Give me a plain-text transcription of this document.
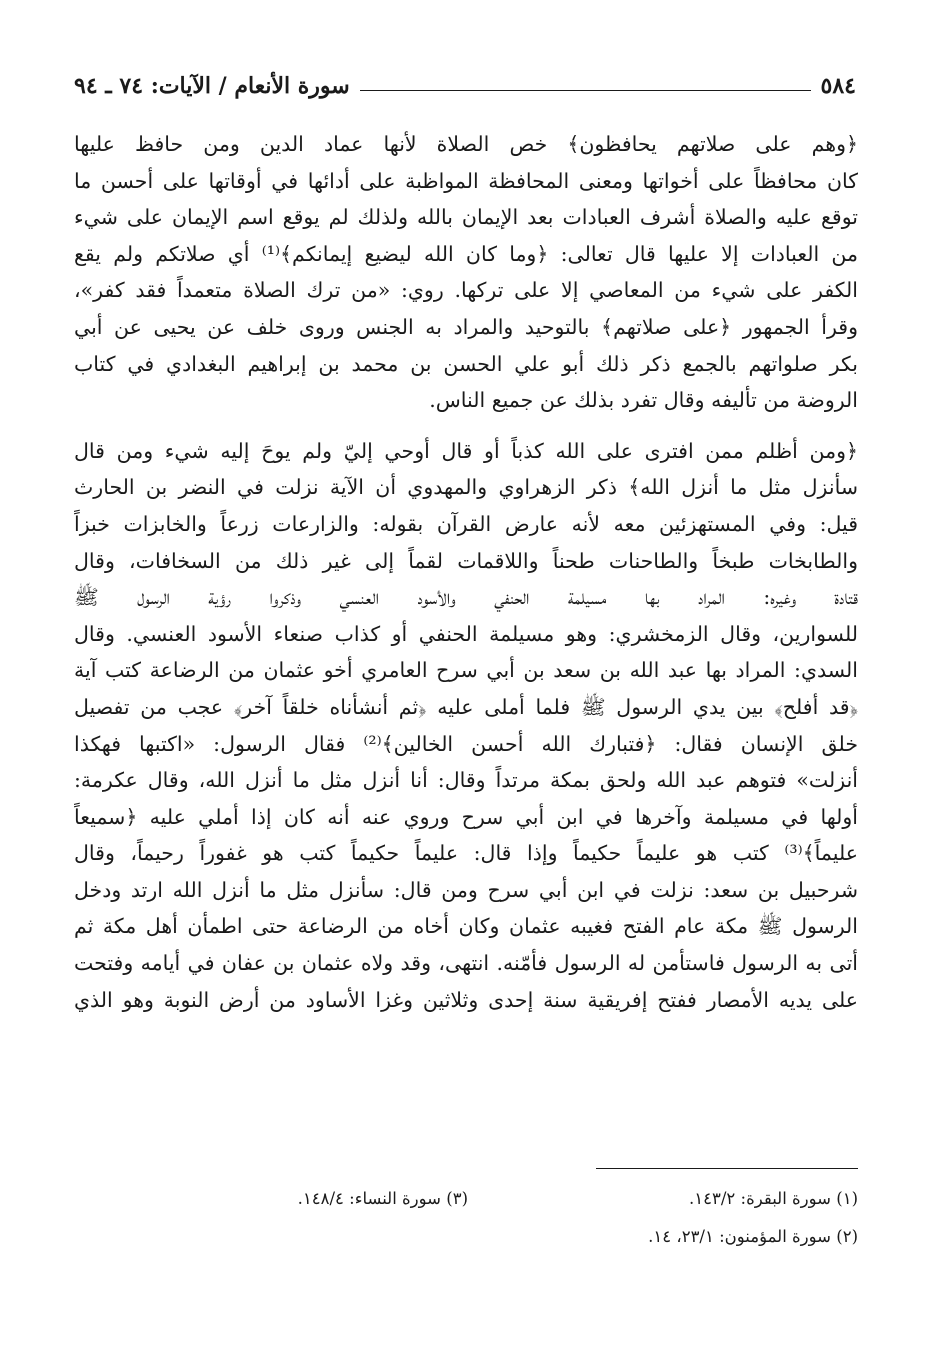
٥٨٤
سورة الأنعام / الآيات: ٧٤ ـ ٩٤
﴿وهم على صلاتهم يحافظون﴾ خص الصلاة لأنها عماد الدين ومن حافظ عليها
كان محافظاً على أخواتها ومعنى المحافظة المواظبة على أدائها في أوقاتها على أحسن ما
توقع عليه والصلاة أشرف العبادات بعد الإيمان بالله ولذلك لم يوقع اسم الإيمان على شيء
من العبادات إلا عليها قال تعالى: ﴿وما كان الله ليضيع إيمانكم﴾⁽¹⁾ أي صلاتكم ولم يقع
الكفر على شيء من المعاصي إلا على تركها. روي: «من ترك الصلاة متعمداً فقد كفر»،
وقرأ الجمهور ﴿على صلاتهم﴾ بالتوحيد والمراد به الجنس وروى خلف عن يحيى عن أبي
بكر صلواتهم بالجمع ذكر ذلك أبو علي الحسن بن محمد بن إبراهيم البغدادي في كتاب
الروضة من تأليفه وقال تفرد بذلك عن جميع الناس.
﴿ومن أظلم ممن افترى على الله كذباً أو قال أوحي إليّ ولم يوحَ إليه شيء ومن قال
سأنزل مثل ما أنزل الله﴾ ذكر الزهراوي والمهدوي أن الآية نزلت في النضر بن الحارث
قيل: وفي المستهزئين معه لأنه عارض القرآن بقوله: والزارعات زرعاً والخابزات خبزاً
والطابخات طبخاً والطاحنات طحناً واللاقمات لقماً إلى غير ذلك من السخافات، وقال
قتادة وغيره: المراد بها مسيلمة الحنفي والأسود العنسي وذكروا رؤية الرسول ﷺ
للسوارين، وقال الزمخشري: وهو مسيلمة الحنفي أو كذاب صنعاء الأسود العنسي. وقال
السدي: المراد بها عبد الله بن سعد بن أبي سرح العامري أخو عثمان من الرضاعة كتب آية
﴿قد أفلح﴾ بين يدي الرسول ﷺ فلما أملى عليه ﴿ثم أنشأناه خلقاً آخر﴾ عجب من تفصيل
خلق الإنسان فقال: ﴿فتبارك الله أحسن الخالين﴾⁽²⁾ فقال الرسول: «اكتبها فهكذا
أنزلت» فتوهم عبد الله ولحق بمكة مرتداً وقال: أنا أنزل مثل ما أنزل الله، وقال عكرمة:
أولها في مسيلمة وآخرها في ابن أبي سرح وروي عنه أنه كان إذا أملي عليه ﴿سميعاً
عليماً﴾⁽³⁾ كتب هو عليماً حكيماً وإذا قال: عليماً حكيماً كتب هو غفوراً رحيماً، وقال
شرحبيل بن سعد: نزلت في ابن أبي سرح ومن قال: سأنزل مثل ما أنزل الله ارتد ودخل
الرسول ﷺ مكة عام الفتح فغيبه عثمان وكان أخاه من الرضاعة حتى اطمأن أهل مكة ثم
أتى به الرسول فاستأمن له الرسول فأمّنه. انتهى، وقد ولاه عثمان بن عفان في أيامه وفتحت
على يديه الأمصار ففتح إفريقية سنة إحدى وثلاثين وغزا الأساود من أرض النوبة وهو الذي
(١) سورة البقرة: ١٤٣/٢.
(٣) سورة النساء: ١٤٨/٤.
(٢) سورة المؤمنون: ٢٣/١، ١٤.
